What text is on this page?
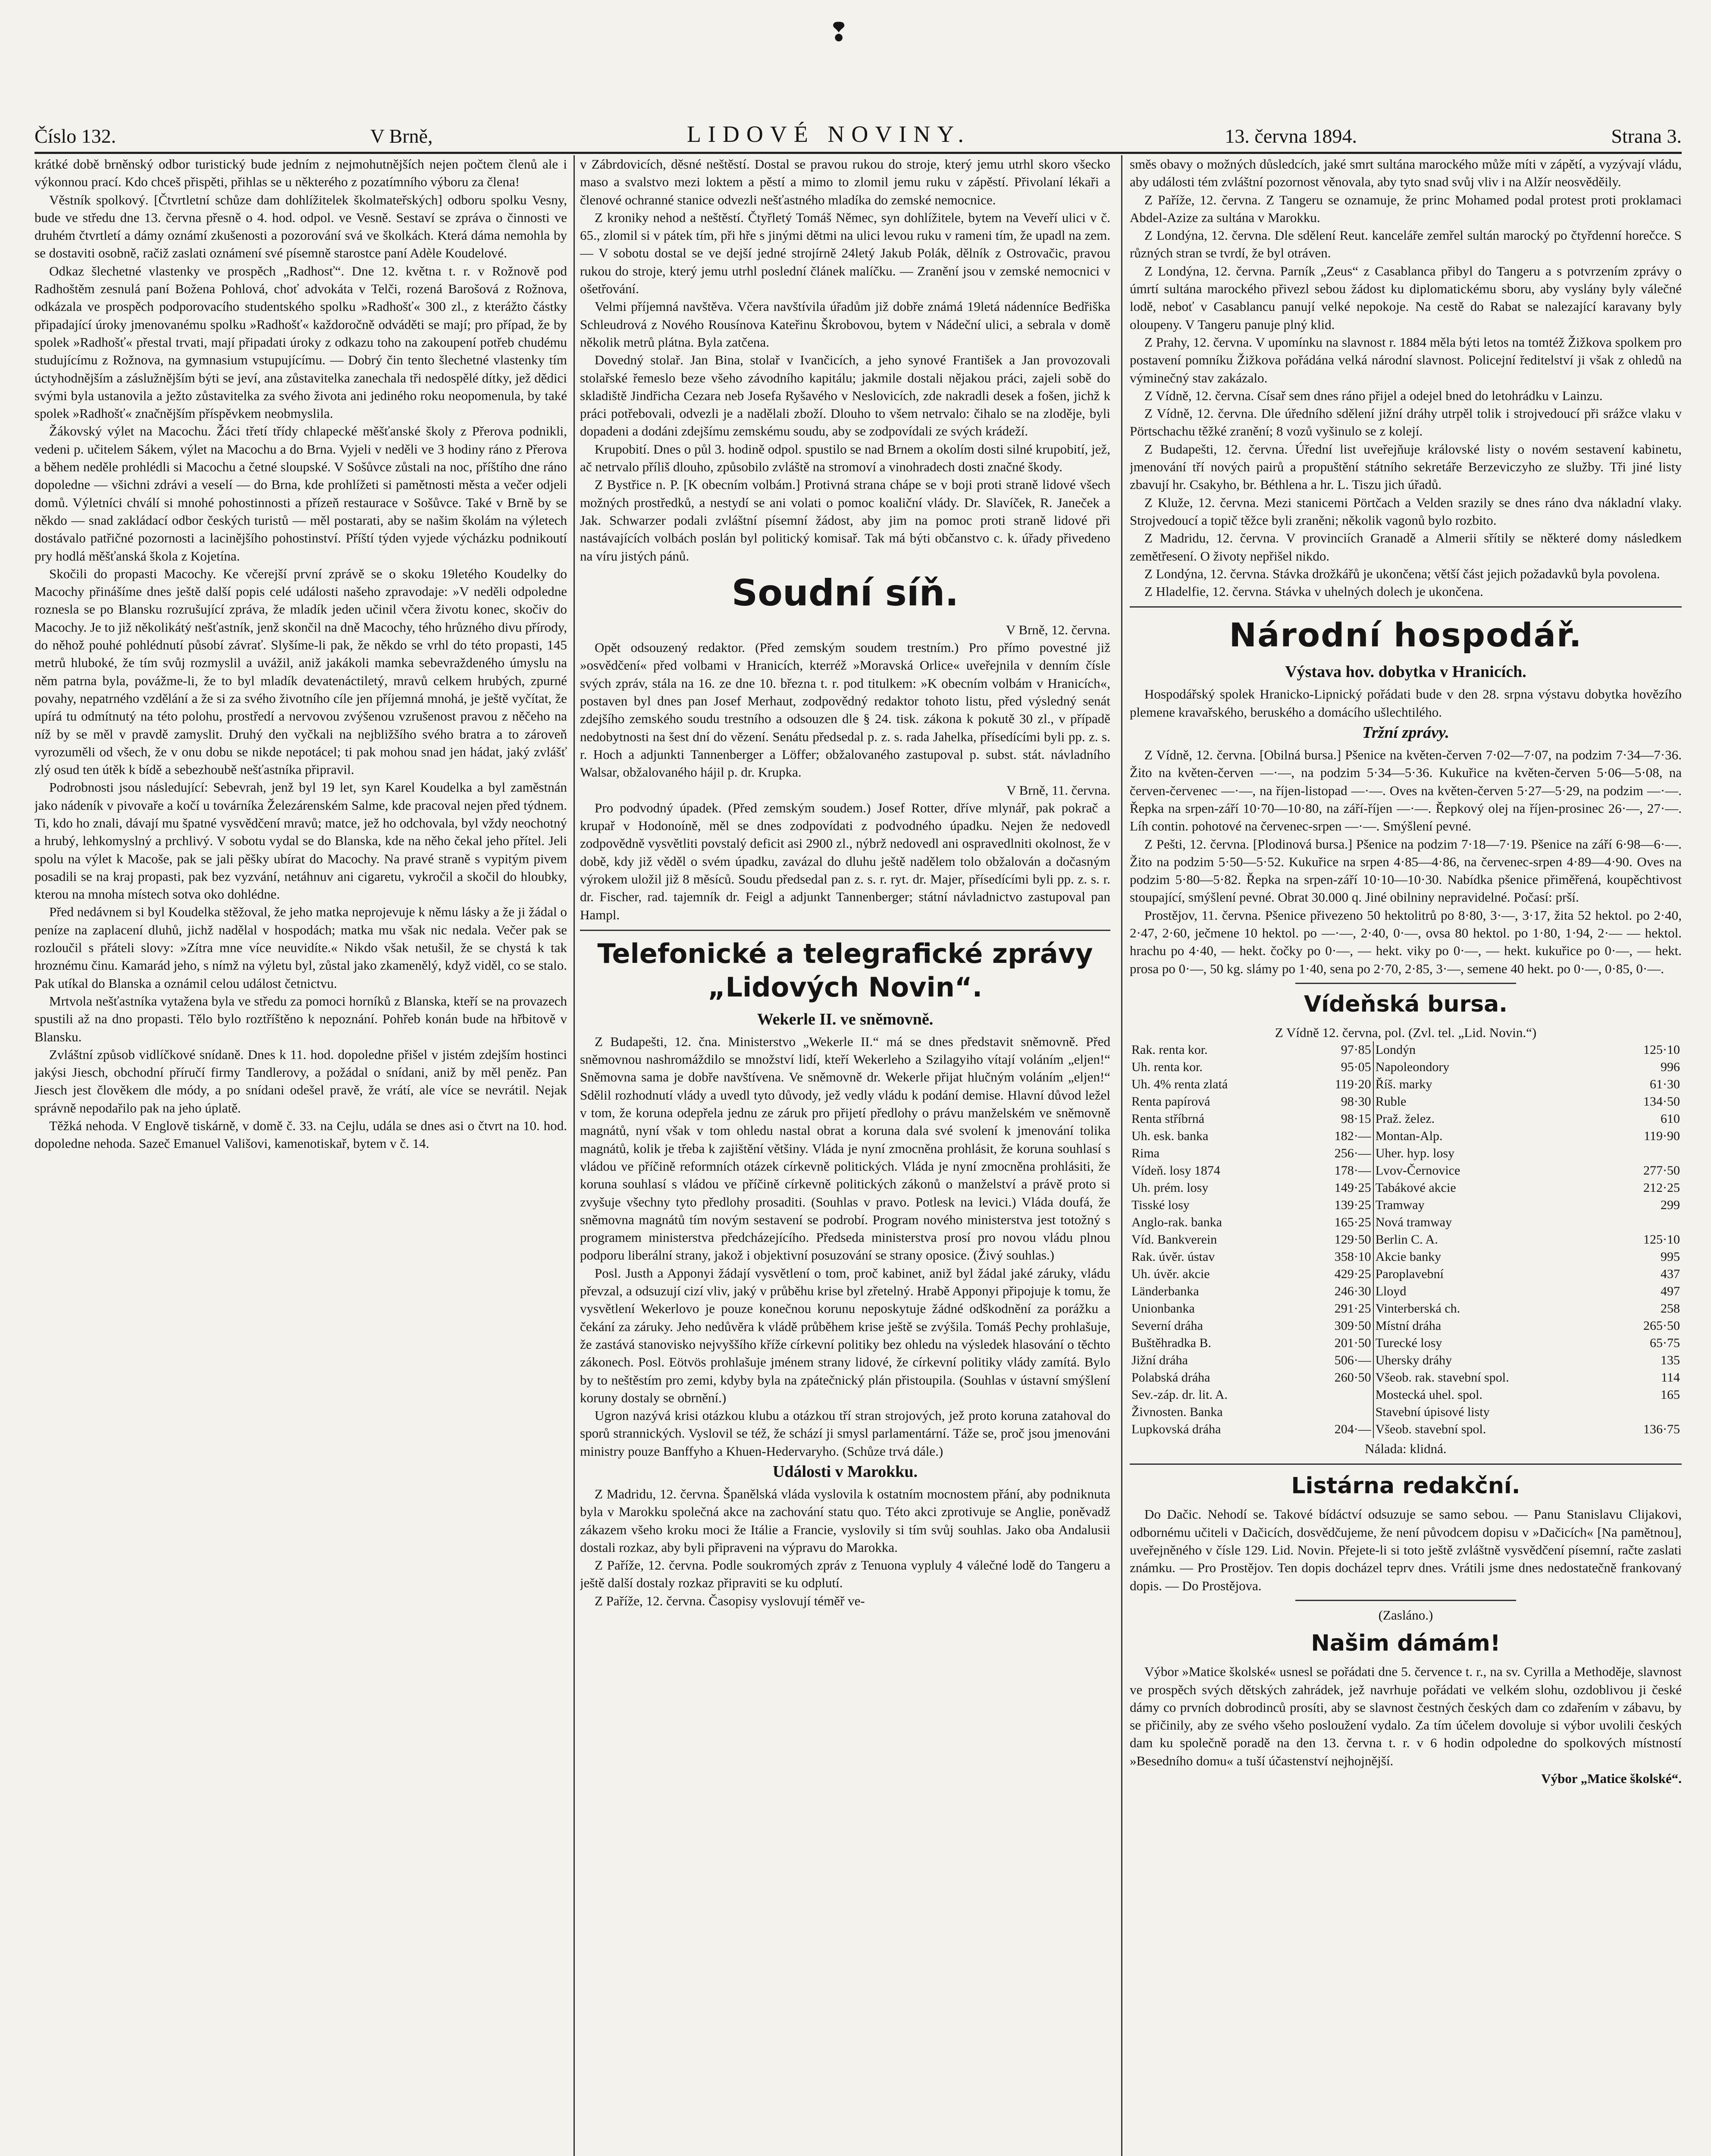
❢
Číslo 132.	V Brně,	LIDOVÉ NOVINY.	13. června 1894.	Strana 3.

krátké době brněnský odbor turistický bude jedním z nejmohutnějších nejen počtem členů ale i výkonnou prací. Kdo chceš přispěti, přihlas se u některého z pozatímního výboru za člena!

Věstník spolkový. [Čtvrtletní schůze dam dohlížitelek školmateřských] odboru spolku Vesny, bude ve středu dne 13. června přesně o 4. hod. odpol. ve Vesně. Sestaví se zpráva o činnosti ve druhém čtvrtletí a dámy oznámí zkušenosti a pozorování svá ve školkách. Která dáma nemohla by se dostaviti osobně, račiž zaslati oznámení své písemně starostce paní Adèle Koudelové.

Odkaz šlechetné vlastenky ve prospěch „Radhosť“. Dne 12. května t. r. v Rožnově pod Radhoštěm zesnulá paní Božena Pohlová, choť advokáta v Telči, rozená Barošová z Rožnova, odkázala ve prospěch podporovacího studentského spolku »Radhošť« 300 zl., z kterážto částky připadající úroky jmenovanému spolku »Radhošť« každoročně odváděti se mají; pro případ, že by spolek »Radhošť« přestal trvati, mají připadati úroky z odkazu toho na zakoupení potřeb chudému studujícímu z Rožnova, na gymnasium vstupujícímu. — Dobrý čin tento šlechetné vlastenky tím úctyhodnějším a záslužnějším býti se jeví, ana zůstavitelka zanechala tři nedospělé dítky, jež dědici svými byla ustanovila a ježto zůstavitelka za svého života ani jediného roku neopomenula, by také spolek »Radhošť« značnějším příspěvkem neobmyslila.

Žákovský výlet na Macochu. Žáci třetí třídy chlapecké měšťanské školy z Přerova podnikli, vedeni p. učitelem Sákem, výlet na Macochu a do Brna. Vyjeli v neděli ve 3 hodiny ráno z Přerova a během neděle prohlédli si Macochu a četné sloupské. V Sošůvce zůstali na noc, příštího dne ráno dopoledne — všichni zdrávi a veselí — do Brna, kde prohlížeti si pamětnosti města a večer odjeli domů. Výletníci chválí si mnohé pohostinnosti a přízeň restaurace v Sošůvce. Také v Brně by se někdo — snad zakládací odbor českých turistů — měl postarati, aby se našim školám na výletech dostávalo patřičné pozornosti a lacinějšího pohostinství. Příští týden vyjede výcházku podnikoutí pry hodlá měšťanská škola z Kojetína.

Skočili do propasti Macochy. Ke včerejší první zprávě se o skoku 19letého Koudelky do Macochy přinášíme dnes ještě další popis celé události našeho zpravodaje: »V neděli odpoledne roznesla se po Blansku rozrušující zpráva, že mladík jeden učinil včera životu konec, skočiv do Macochy. Je to již několikátý nešťastník, jenž skončil na dně Macochy, tého hrůzného divu přírody, do něhož pouhé pohlédnutí působí závrať. Slyšíme-li pak, že někdo se vrhl do této propasti, 145 metrů hluboké, že tím svůj rozmyslil a uvážil, aniž jakákoli mamka sebevraždeného úmyslu na něm patrna byla, povážme-li, že to byl mladík devatenáctiletý, mravů celkem hrubých, zpurné povahy, nepatrného vzdělání a že si za svého životního cíle jen příjemná mnohá, je ještě vyčítat, že upírá tu odmítnutý na této polohu, prostředí a nervovou zvýšenou vzrušenost pravou z něčeho na níž by se měl v pravdě zamyslit. Druhý den vyčkali na nejbližšího svého bratra a to zároveň vyrozuměli od všech, že v onu dobu se nikde nepotácel; ti pak mohou snad jen hádat, jaký zvlášť zlý osud ten útěk k bídě a sebezhoubě nešťastníka připravil.

Podrobnosti jsou následující: Sebevrah, jenž byl 19 let, syn Karel Koudelka a byl zaměstnán jako nádeník v pivovaře a kočí u továrníka Železárenském Salme, kde pracoval nejen před týdnem. Ti, kdo ho znali, dávají mu špatné vysvědčení mravů; matce, jež ho odchovala, byl vždy neochotný a hrubý, lehkomyslný a prchlivý. V sobotu vydal se do Blanska, kde na něho čekal jeho přítel. Jeli spolu na výlet k Macoše, pak se jali pěšky ubírat do Macochy. Na pravé straně s vypitým pivem posadili se na kraj propasti, pak bez vyzvání, netáhnuv ani cigaretu, vykročil a skočil do hloubky, kterou na mnoha místech sotva oko dohlédne.

Před nedávnem si byl Koudelka stěžoval, že jeho matka neprojevuje k němu lásky a že ji žádal o peníze na zaplacení dluhů, jichž nadělal v hospodách; matka mu však nic nedala. Večer pak se rozloučil s přáteli slovy: »Zítra mne více neuvidíte.« Nikdo však netušil, že se chystá k tak hroznému činu. Kamarád jeho, s nímž na výletu byl, zůstal jako zkamenělý, když viděl, co se stalo. Pak utíkal do Blanska a oznámil celou událost četnictvu.

Mrtvola nešťastníka vytažena byla ve středu za pomoci horníků z Blanska, kteří se na provazech spustili až na dno propasti. Tělo bylo roztříštěno k nepoznání. Pohřeb konán bude na hřbitově v Blansku.

Zvláštní způsob vidlíčkové snídaně. Dnes k 11. hod. dopoledne přišel v jistém zdejším hostinci jakýsi Jiesch, obchodní příručí firmy Tandlerovy, a požádal o snídani, aniž by měl peněz. Pan Jiesch jest člověkem dle módy, a po snídani odešel pravě, že vrátí, ale více se nevrátil. Nejak správně nepodařilo pak na jeho úplatě.

Těžká nehoda. V Englově tiskárně, v domě č. 33. na Cejlu, udála se dnes asi o čtvrt na 10. hod. dopoledne nehoda. Sazeč Emanuel Vališovi, kamenotiskař, bytem v č. 14.

v Zábrdovicích, děsné neštěstí. Dostal se pravou rukou do stroje, který jemu utrhl skoro všecko maso a svalstvo mezi loktem a pěstí a mimo to zlomil jemu ruku v zápěstí. Přivolaní lékaři a členové ochranné stanice odvezli nešťastného mladíka do zemské nemocnice.

Z kroniky nehod a neštěstí. Čtyřletý Tomáš Němec, syn dohlížitele, bytem na Veveří ulici v č. 65., zlomil si v pátek tím, při hře s jinými dětmi na ulici levou ruku v rameni tím, že upadl na zem. — V sobotu dostal se ve dejší jedné strojírně 24letý Jakub Polák, dělník z Ostrovačic, pravou rukou do stroje, který jemu utrhl poslední článek malíčku. — Zranění jsou v zemské nemocnici v ošetřování.

Velmi příjemná navštěva. Včera navštívila úřadům již dobře známá 19letá nádenníce Bedřiška Schleudrová z Nového Rousínova Kateřinu Škrobovou, bytem v Nádeční ulici, a sebrala v domě několik metrů plátna. Byla zatčena.

Dovedný stolař. Jan Bina, stolař v Ivančicích, a jeho synové František a Jan provozovali stolařské řemeslo beze všeho závodního kapitálu; jakmile dostali nějakou práci, zajeli sobě do skladiště Jindřicha Cezara neb Josefa Ryšavého v Neslovicích, zde nakradli desek a fošen, jichž k práci potřebovali, odvezli je a nadělali zboží. Dlouho to všem netrvalo: čihalo se na zloděje, byli dopadeni a dodáni zdejšímu zemskému soudu, aby se zodpovídali ze svých krádeží.

Krupobití. Dnes o půl 3. hodině odpol. spustilo se nad Brnem a okolím dosti silné krupobití, jež, ač netrvalo příliš dlouho, způsobilo zvláště na stromoví a vinohradech dosti značné škody.

Z Bystřice n. P. [K obecním volbám.] Protivná strana chápe se v boji proti straně lidové všech možných prostředků, a nestydí se ani volati o pomoc koaliční vlády. Dr. Slavíček, R. Janeček a Jak. Schwarzer podali zvláštní písemní žádost, aby jim na pomoc proti straně lidové při nastávajících volbách poslán byl politický komisař. Tak má býti občanstvo c. k. úřady přivedeno na víru jistých pánů.

Soudní síň.
V Brně, 12. června.

Opět odsouzený redaktor. (Před zemským soudem trestním.) Pro přímo povestné již »osvědčení« před volbami v Hranicích, kterréž »Moravská Orlice« uveřejnila v denním čísle svých zpráv, stála na 16. ze dne 10. března t. r. pod titulkem: »K obecním volbám v Hranicích«, postaven byl dnes pan Josef Merhaut, zodpovědný redaktor tohoto listu, před výsledný senát zdejšího zemského soudu trestního a odsouzen dle § 24. tisk. zákona k pokutě 30 zl., v případě nedobytnosti na šest dní do vězení. Senátu předsedal p. z. s. rada Jahelka, přísedícími byli pp. z. s. r. Hoch a adjunkti Tannenberger a Löffer; obžalovaného zastupoval p. subst. stát. návladního Walsar, obžalovaného hájil p. dr. Krupka.

V Brně, 11. června.

Pro podvodný úpadek. (Před zemským soudem.) Josef Rotter, dříve mlynář, pak pokrač a krupař v Hodonoíně, měl se dnes zodpovídati z podvodného úpadku. Nejen že nedovedl zodpovědně vysvětliti povstalý deficit asi 2900 zl., nýbrž nedovedl ani ospravedlniti okolnost, že v době, kdy již věděl o svém úpadku, zavázal do dluhu ještě nadělem tolo obžalován a dočasným výrokem uložil již 8 měsíců. Soudu předsedal pan z. s. r. ryt. dr. Majer, přísedícími byli pp. z. s. r. dr. Fischer, rad. tajemník dr. Feigl a adjunkt Tannenberger; státní návladnictvo zastupoval pan Hampl.

Telefonické a telegrafické zprávy „Lidových Novin“.
Wekerle II. ve sněmovně.

Z Budapešti, 12. čna. Ministerstvo „Wekerle II.“ má se dnes představit sněmovně. Před sněmovnou nashromáždilo se množství lidí, kteří Wekerleho a Szilagyiho vítají voláním „eljen!“ Sněmovna sama je dobře navštívena. Ve sněmovně dr. Wekerle přijat hlučným voláním „eljen!“ Sdělil rozhodnutí vlády a uvedl tyto důvody, jež vedly vládu k podání demise. Hlavní důvod ležel v tom, že koruna odepřela jednu ze záruk pro přijetí předlohy o právu manželském ve sněmovně magnátů, nyní však v tom ohledu nastal obrat a koruna dala své svolení k jmenování tolika magnátů, kolik je třeba k zajištění většiny. Vláda je nyní zmocněna prohlásit, že koruna souhlasí s vládou ve příčině reformních otázek církevně politických. Vláda je nyní zmocněna prohlásiti, že koruna souhlasí s vládou ve příčině církevně politických zákonů o manželství a právě proto si zvyšuje všechny tyto předlohy prosaditi. (Souhlas v pravo. Potlesk na levici.) Vláda doufá, že sněmovna magnátů tím novým sestavení se podrobí. Program nového ministerstva jest totožný s programem ministerstva předcházejícího. Předseda ministerstva prosí pro novou vládu plnou podporu liberální strany, jakož i objektivní posuzování se strany oposice. (Živý souhlas.)

Posl. Justh a Apponyi žádají vysvětlení o tom, proč kabinet, aniž byl žádal jaké záruky, vládu převzal, a odsuzují cizí vliv, jaký v průběhu krise byl zřetelný. Hrabě Apponyi připojuje k tomu, že vysvětlení Wekerlovo je pouze konečnou korunu neposkytuje žádné odškodnění za porážku a čekání za záruky. Jeho nedůvěra k vládě průběhem krise ještě se zvýšila. Tomáš Pechy prohlašuje, že zastává stanovisko nejvyššího kříže církevní politiky bez ohledu na výsledek hlasování o těchto zákonech. Posl. Eötvös prohlašuje jménem strany lidové, že církevní politiky vlády zamítá. Bylo by to neštěstím pro zemi, kdyby byla na zpátečnický plán přistoupila. (Souhlas v ústavní smýšlení koruny dostaly se obrnění.)

Ugron nazývá krisi otázkou klubu a otázkou tří stran strojových, jež proto koruna zatahoval do sporů strannických. Vyslovil se též, že schází ji smysl parlamentární. Táže se, proč jsou jmenováni ministry pouze Banffyho a Khuen-Hedervaryho. (Schůze trvá dále.)

Události v Marokku.

Z Madridu, 12. června. Španělská vláda vyslovila k ostatním mocnostem přání, aby podniknuta byla v Marokku společná akce na zachování statu quo. Této akci zprotivuje se Anglie, poněvadž zákazem všeho kroku moci že Itálie a Francie, vyslovily si tím svůj souhlas. Jako oba Andalusii dostali rozkaz, aby byli připraveni na výpravu do Marokka.

Z Paříže, 12. června. Podle soukromých zpráv z Tenuona vypluly 4 válečné lodě do Tangeru a ještě další dostaly rozkaz připraviti se ku odplutí.

Z Paříže, 12. června. Časopisy vyslovují téměř ve-

směs obavy o možných důsledcích, jaké smrt sultána marockého může míti v zápětí, a vyzývají vládu, aby události tém zvláštní pozornost věnovala, aby tyto snad svůj vliv i na Alžír neosvěděily.

Z Paříže, 12. června. Z Tangeru se oznamuje, že princ Mohamed podal protest proti proklamaci Abdel-Azize za sultána v Marokku.

Z Londýna, 12. června. Dle sdělení Reut. kanceláře zemřel sultán marocký po čtyřdenní horečce. S různých stran se tvrdí, že byl otráven.

Z Londýna, 12. června. Parník „Zeus“ z Casablanca přibyl do Tangeru a s potvrzením zprávy o úmrtí sultána marockého přivezl sebou žádost ku diplomatickému sboru, aby vyslány byly válečné lodě, neboť v Casablancu panují velké nepokoje. Na cestě do Rabat se nalezající karavany byly oloupeny. V Tangeru panuje plný klid.

Z Prahy, 12. června. V upomínku na slavnost r. 1884 měla býti letos na tomtéž Žižkova spolkem pro postavení pomníku Žižkova pořádána velká národní slavnost. Policejní ředitelství ji však z ohledů na výminečný stav zakázalo.

Z Vídně, 12. června. Císař sem dnes ráno přijel a odejel bned do letohrádku v Lainzu.

Z Vídně, 12. června. Dle úředního sdělení jižní dráhy utrpěl tolik i strojvedoucí při srážce vlaku v Pörtschachu těžké zranění; 8 vozů vyšinulo se z kolejí.

Z Budapešti, 12. června. Úřední list uveřejňuje královské listy o novém sestavení kabinetu, jmenování tří nových pairů a propuštění státního sekretáře Berzeviczyho ze služby. Tři jiné listy zbavují hr. Csakyho, br. Béthlena a hr. L. Tiszu jich úřadů.

Z Kluže, 12. června. Mezi stanicemi Pörtčach a Velden srazily se dnes ráno dva nákladní vlaky. Strojvedoucí a topič těžce byli zraněni; několik vagonů bylo rozbito.

Z Madridu, 12. června. V provinciích Granadě a Almerii sřítily se některé domy následkem zemětřesení. O životy nepřišel nikdo.

Z Londýna, 12. června. Stávka drožkářů je ukončena; větší část jejich požadavků byla povolena.

Z Hladelfie, 12. června. Stávka v uhelných dolech je ukončena.

Národní hospodář.
Výstava hov. dobytka v Hranicích.

Hospodářský spolek Hranicko-Lipnický pořádati bude v den 28. srpna výstavu dobytka hovězího plemene kravařského, beruského a domácího ušlechtilého.

Tržní zprávy.

Z Vídně, 12. června. [Obilná bursa.] Pšenice na květen-červen 7·02—7·07, na podzim 7·34—7·36. Žito na květen-červen —·—, na podzim 5·34—5·36. Kukuřice na květen-červen 5·06—5·08, na červen-červenec —·—, na říjen-listopad —·—. Oves na květen-červen 5·27—5·29, na podzim —·—. Řepka na srpen-září 10·70—10·80, na září-říjen —·—. Řepkový olej na říjen-prosinec 26·—, 27·—. Líh contin. pohotové na červenec-srpen —·—. Smýšlení pevné.

Z Pešti, 12. června. [Plodinová bursa.] Pšenice na podzim 7·18—7·19. Pšenice na září 6·98—6·—. Žito na podzim 5·50—5·52. Kukuřice na srpen 4·85—4·86, na červenec-srpen 4·89—4·90. Oves na podzim 5·80—5·82. Řepka na srpen-září 10·10—10·30. Nabídka pšenice přiměřená, koupěchtivost stoupající, smýšlení pevné. Obrat 30.000 q. Jiné obilniny nepravidelné. Počasí: prší.

Prostějov, 11. června. Pšenice přivezeno 50 hektolitrů po 8·80, 3·—, 3·17, žita 52 hektol. po 2·40, 2·47, 2·60, ječmene 10 hektol. po —·—, 2·40, 0·—, ovsa 80 hektol. po 1·80, 1·94, 2·— — hektol. hrachu po 4·40, — hekt. čočky po 0·—, — hekt. viky po 0·—, — hekt. kukuřice po 0·—, — hekt. prosa po 0·—, 50 kg. slámy po 1·40, sena po 2·70, 2·85, 3·—, semene 40 hekt. po 0·—, 0·85, 0·—.

Vídeňská bursa.
Z Vídně 12. června, pol. (Zvl. tel. „Lid. Novin.“)
Rak. renta kor.	97·85	Londýn	125·10
Uh. renta kor.	95·05	Napoleondory	996
Uh. 4% renta zlatá	119·20	Říš. marky	61·30
Renta papírová	98·30	Ruble	134·50
Renta stříbrná	98·15	Praž. želez.	610
Uh. esk. banka	182·—	Montan-Alp.	119·90
Rima	256·—	Uher. hyp. losy	
Vídeň. losy 1874	178·—	Lvov-Černovice	277·50
Uh. prém. losy	149·25	Tabákové akcie	212·25
Tisské losy	139·25	Tramway	299
Anglo-rak. banka	165·25	Nová tramway	
Víd. Bankverein	129·50	Berlin C. A.	125·10
Rak. úvěr. ústav	358·10	Akcie banky	995
Uh. úvěr. akcie	429·25	Paroplavební	437
Länderbanka	246·30	Lloyd	497
Unionbanka	291·25	Vinterberská ch.	258
Severní dráha	309·50	Místní dráha	265·50
Buštěhradka B.	201·50	Turecké losy	65·75
Jižní dráha	506·—	Uhersky dráhy	135
Polabská dráha	260·50	Všeob. rak. stavební spol.	114
Sev.-záp. dr. lit. A.		Mostecká uhel. spol.	165
Živnosten. Banka		Stavební úpisové listy	
Lupkovská dráha	204·—	Všeob. stavební spol.	136·75
Nálada: klidná.
Listárna redakční.

Do Dačic. Nehodí se. Takové bídáctví odsuzuje se samo sebou. — Panu Stanislavu Clijakovi, odbornému učiteli v Dačicích, dosvědčujeme, že není původcem dopisu v »Dačicích« [Na pamětnou], uveřejněného v čísle 129. Lid. Novin. Přejete-li si toto ještě zvláštně vysvědčení písemní, račte zaslati známku. — Pro Prostějov. Ten dopis docházel teprv dnes. Vrátili jsme dnes nedostatečně frankovaný dopis. — Do Prostějova.

(Zasláno.)
Našim dámám!

Výbor »Matice školské« usnesl se pořádati dne 5. července t. r., na sv. Cyrilla a Methoděje, slavnost ve prospěch svých dětských zahrádek, jež navrhuje pořádati ve velkém slohu, ozdoblivou ji české dámy co prvních dobrodinců prosíti, aby se slavnost čestných českých dam co zdařením v zábavu, by se přičinily, aby ze svého všeho posloužení vydalo. Za tím účelem dovoluje si výbor uvolili českých dam ku společně poradě na den 13. června t. r. v 6 hodin odpoledne do spolkových místností »Besedního domu« a tuší účastenství nejhojnější.

Výbor „Matice školské“.
